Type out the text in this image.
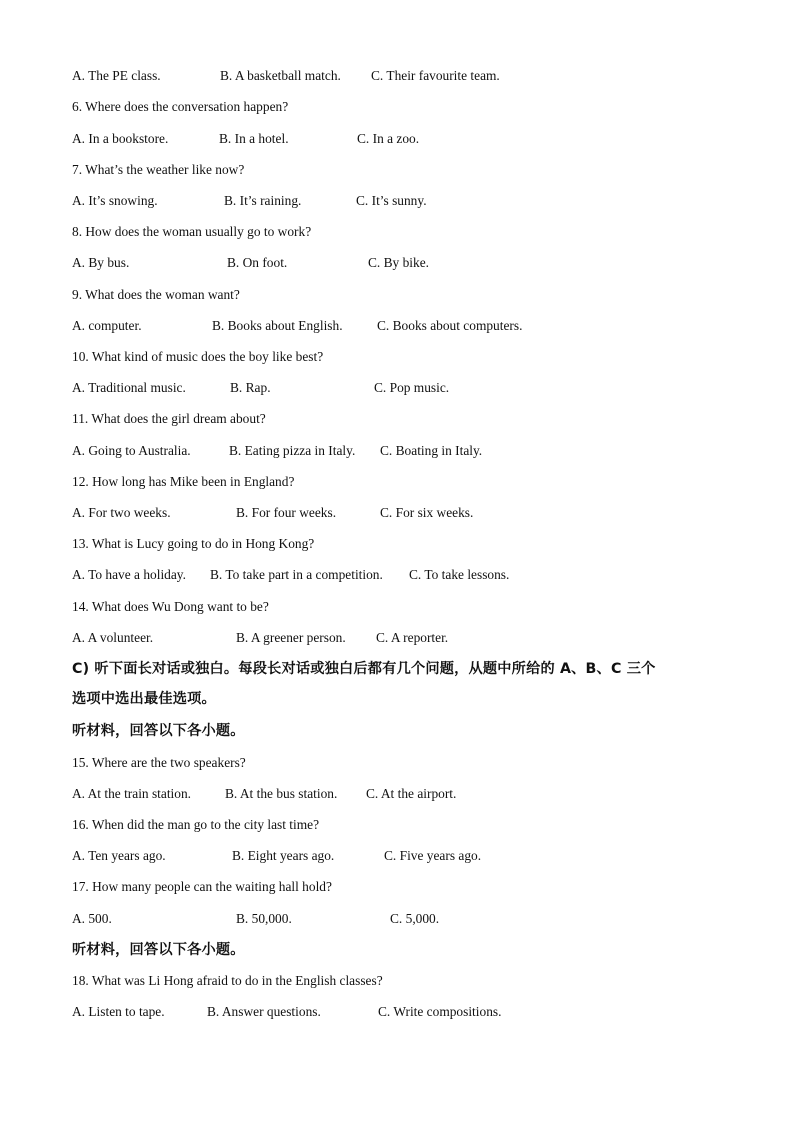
A. The PE class.	B. A basketball match. C. Their favourite team.
6. Where does the conversation happen?
A. In a bookstore.	B. In a hotel.	C. In a zoo.
7. What’s the weather like now?
A. It’s snowing.	B. It’s raining.	C. It’s sunny.
8. How does the woman usually go to work?
A. By bus.	B. On foot.	C. By bike.
9. What does the woman want?
A. computer.	B. Books about English.	C. Books about computers.
10. What kind of music does the boy like best?
A. Traditional music.	B. Rap.	C. Pop music.
11. What does the girl dream about?
A. Going to Australia.	B. Eating pizza in Italy. C. Boating in Italy.
12. How long has Mike been in England?
A. For two weeks.	B. For four weeks.	C. For six weeks.
13. What is Lucy going to do in Hong Kong?
A. To have a holiday. B. To take part in a competition. C. To take lessons.
14. What does Wu Dong want to be?
A. A volunteer.	B. A greener person. C. A reporter.
C) 听下面长对话或独白。每段长对话或独白后都有几个问题，从题中所给的 A、B、C 三个
选项中选出最佳选项。
听材料，回答以下各小题。
15. Where are the two speakers?
A. At the train station.	B. At the bus station. C. At the airport.
16. When did the man go to the city last time?
A. Ten years ago.	B. Eight years ago.	C. Five years ago.
17. How many people can the waiting hall hold?
A. 500.	B. 50,000.	C. 5,000.
听材料，回答以下各小题。
18. What was Li Hong afraid to do in the English classes?
A. Listen to tape.	B. Answer questions.	C. Write compositions.
